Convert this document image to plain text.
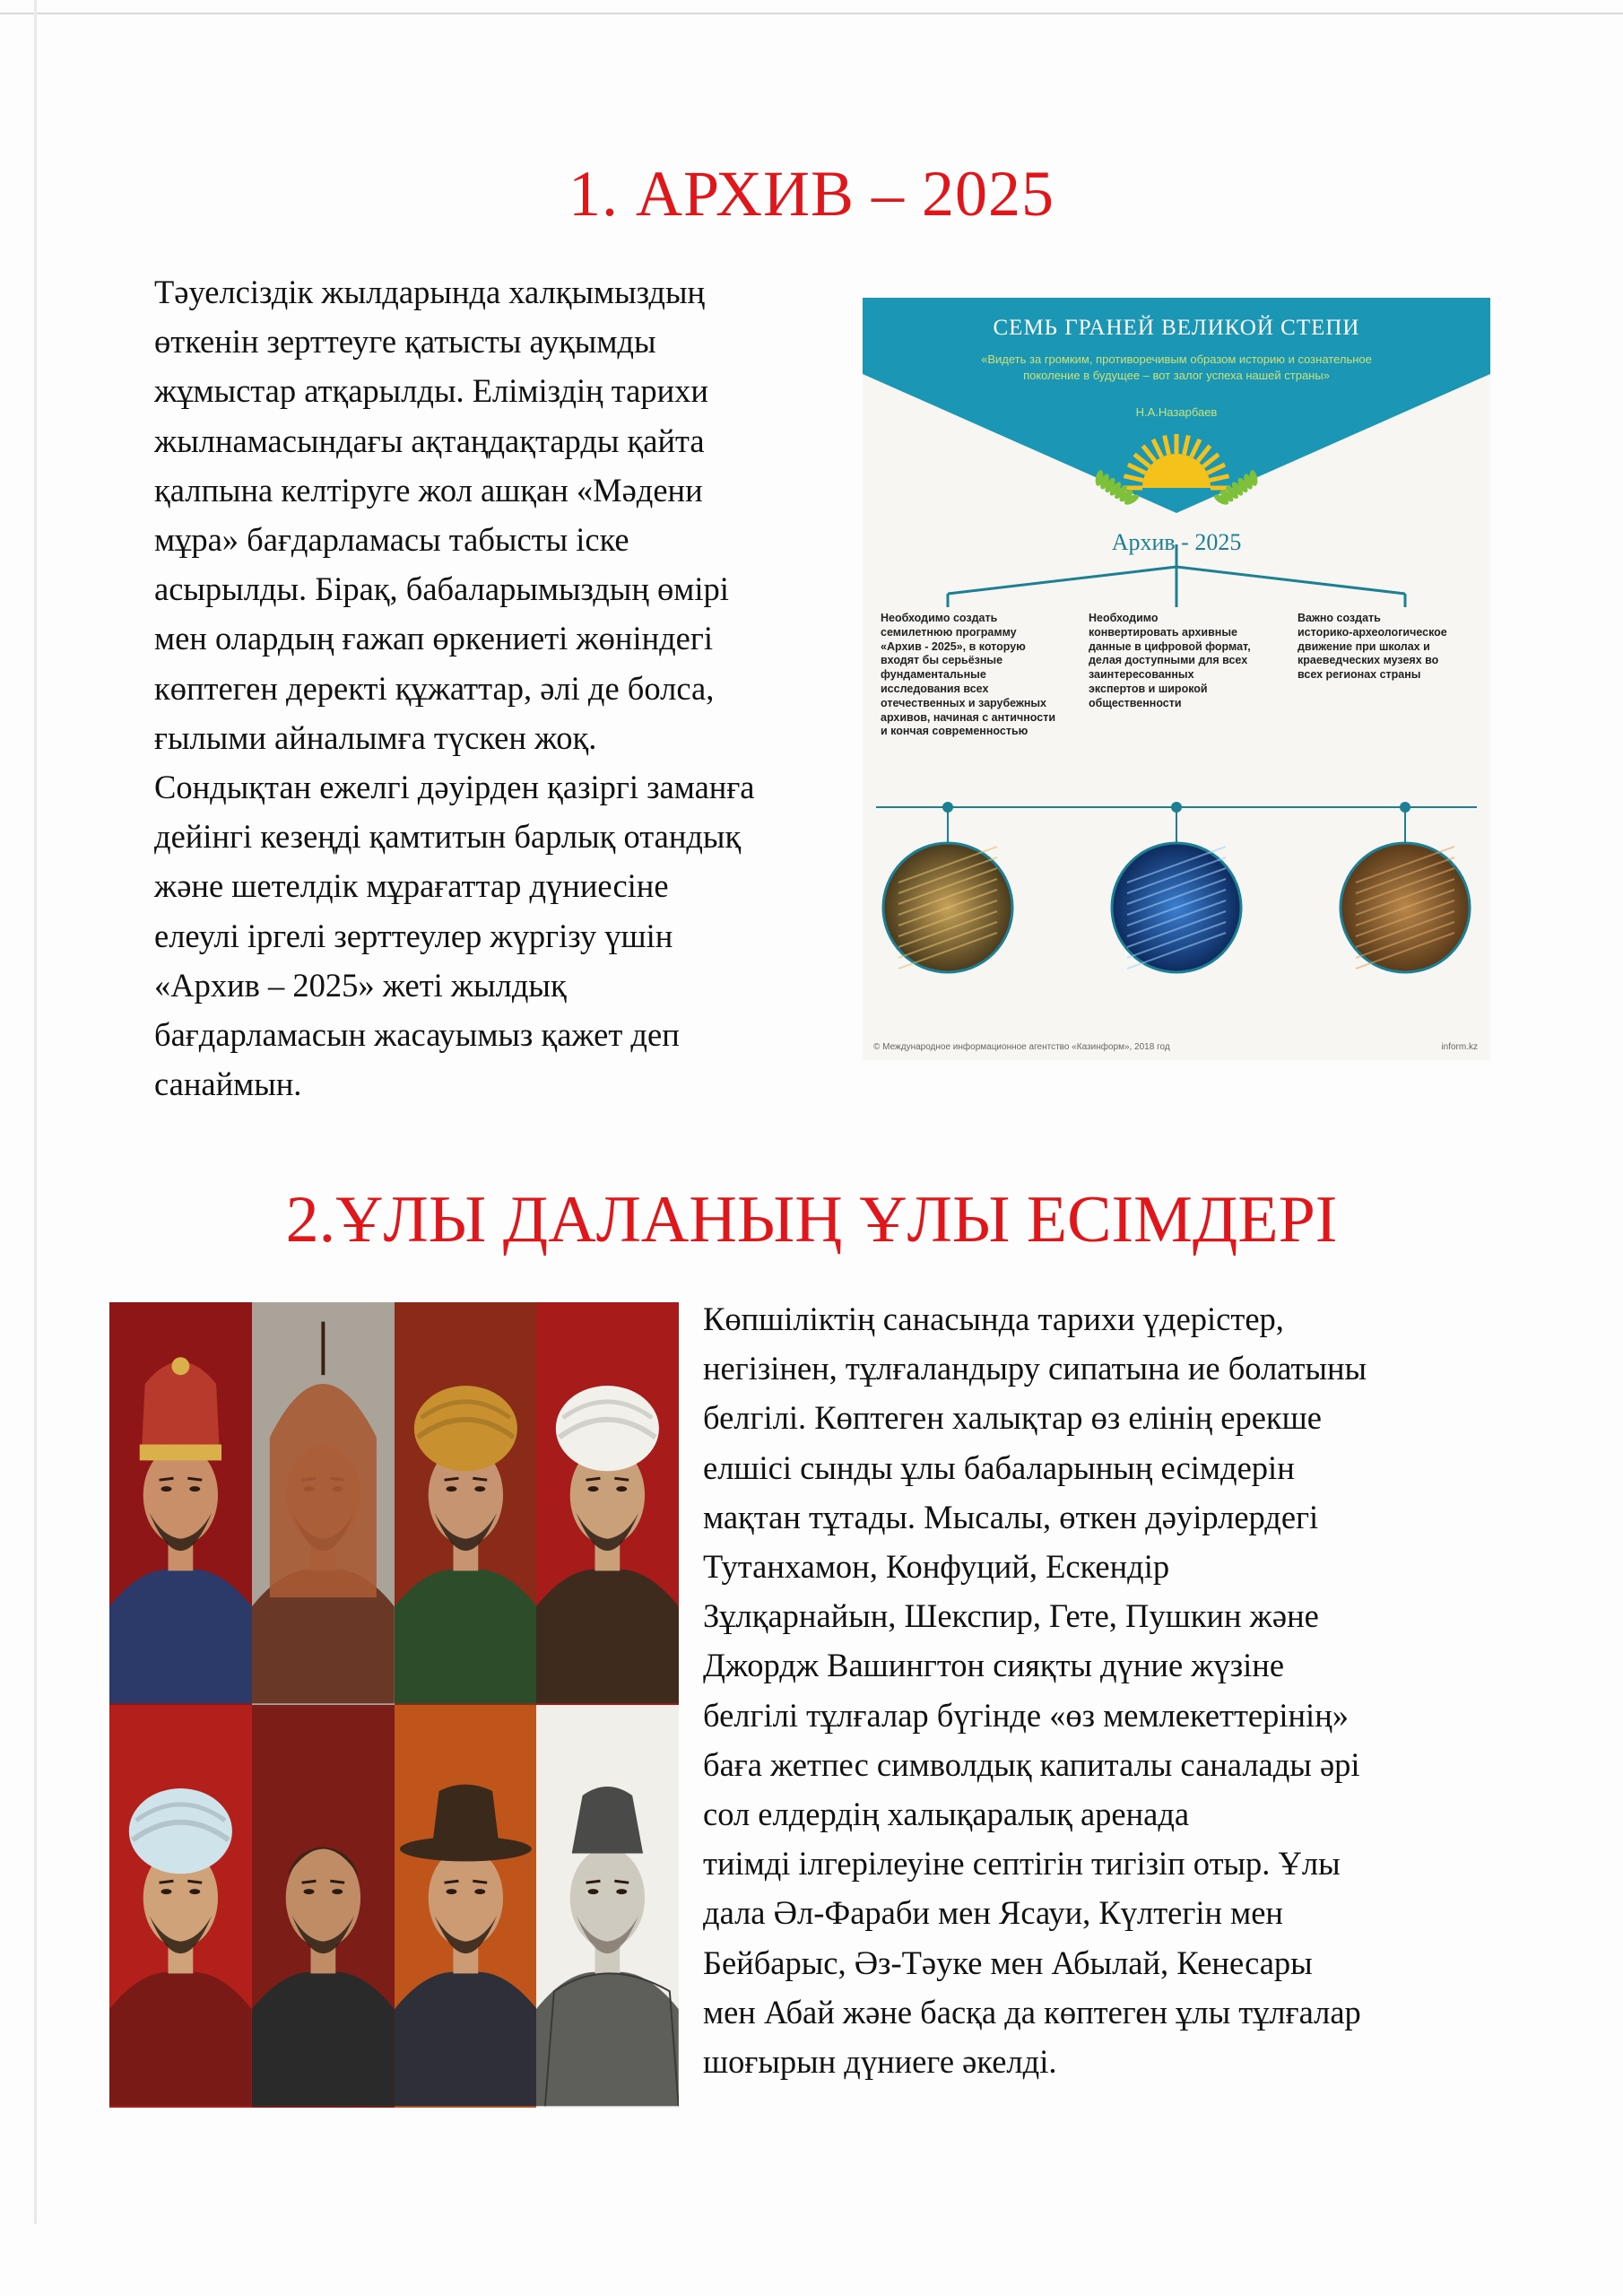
1. АРХИВ – 2025
Тәуелсіздік жылдарында халқымыздың
өткенін зерттеуге қатысты ауқымды
жұмыстар атқарылды. Еліміздің тарихи
жылнамасындағы ақтаңдақтарды қайта
қалпына келтіруге жол ашқан «Мәдени
мұра» бағдарламасы табысты іске
асырылды. Бірақ, бабаларымыздың өмірі
мен олардың ғажап өркениеті жөніндегі
көптеген деректі құжаттар, әлі де болса,
ғылыми айналымға түскен жоқ.
Сондықтан ежелгі дәуірден қазіргі заманға
дейінгі кезеңді қамтитын барлық отандық
және шетелдік мұрағаттар дүниесіне
елеулі іргелі зерттеулер жүргізу үшін
«Архив – 2025» жеті жылдық
бағдарламасын жасауымыз қажет деп
санаймын.
СЕМЬ ГРАНЕЙ ВЕЛИКОЙ СТЕПИ
«Видеть за громким, противоречивым образом историю и сознательное
поколение в будущее – вот залог успеха нашей страны»
Н.А.Назарбаев
Архив - 2025
Необходимо создать
семилетнюю программу
«Архив - 2025», в которую
входят бы серьёзные
фундаментальные
исследования всех
отечественных и зарубежных
архивов, начиная с античности
и кончая современностью
Необходимо
конвертировать архивные
данные в цифровой формат,
делая доступными для всех
заинтересованных
экспертов и широкой
общественности
Важно создать
историко-археологическое
движение при школах и
краеведческих музеях во
всех регионах страны
© Международное информационное агентство «Казинформ», 2018 год	inform.kz
2.ҰЛЫ ДАЛАНЫҢ ҰЛЫ ЕСІМДЕРІ
Көпшіліктің санасында тарихи үдерістер,
негізінен, тұлғаландыру сипатына ие болатыны
белгілі. Көптеген халықтар өз елінің ерекше
елшісі сынды ұлы бабаларының есімдерін
мақтан тұтады. Мысалы, өткен дәуірлердегі
Тутанхамон, Конфуций, Ескендір
Зұлқарнайын, Шекспир, Гете, Пушкин және
Джордж Вашингтон сияқты дүние жүзіне
белгілі тұлғалар бүгінде «өз мемлекеттерінің»
баға жетпес символдық капиталы саналады әрі
сол елдердің халықаралық аренада
тиімді ілгерілеуіне септігін тигізіп отыр. Ұлы
дала Әл-Фараби мен Ясауи, Күлтегін мен
Бейбарыс, Әз-Тәуке мен Абылай, Кенесары
мен Абай және басқа да көптеген ұлы тұлғалар
шоғырын дүниеге әкелді.
